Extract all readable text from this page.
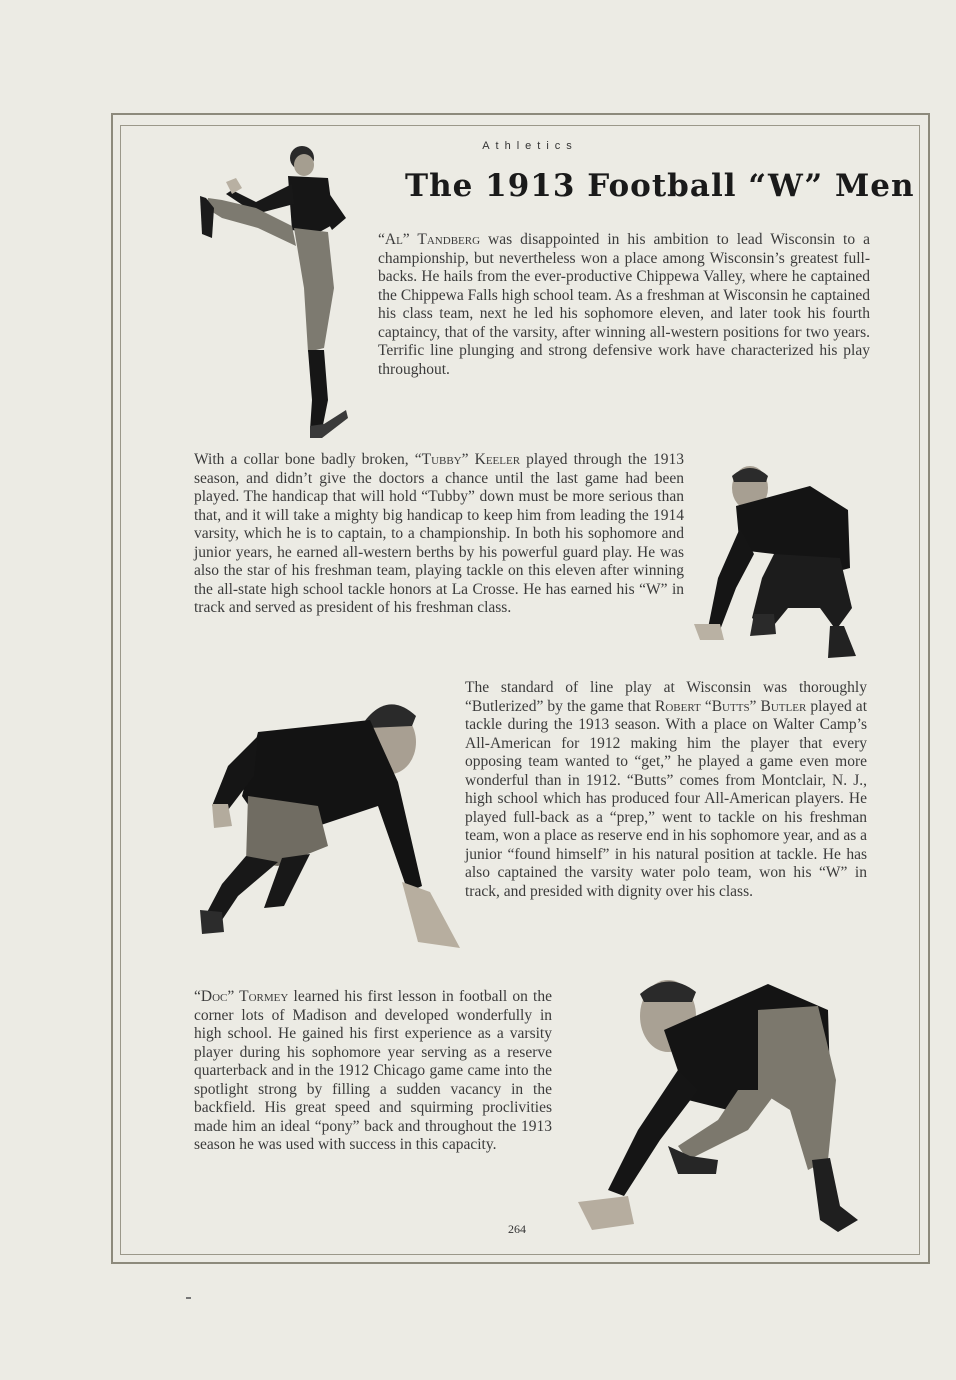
Athletics
The 1913 Football “W” Men
“Al” Tandberg was disappointed in his ambition to lead Wisconsin to a championship, but nevertheless won a place among Wisconsin’s greatest full-backs. He hails from the ever-productive Chippewa Valley, where he captained the Chippewa Falls high school team. As a freshman at Wisconsin he captained his class team, next he led his sophomore eleven, and later took his fourth captaincy, that of the varsity, after winning all-western positions for two years. Terrific line plunging and strong defensive work have characterized his play throughout.
With a collar bone badly broken, “Tubby” Keeler played through the 1913 season, and didn’t give the doctors a chance until the last game had been played. The handicap that will hold “Tubby” down must be more serious than that, and it will take a mighty big handicap to keep him from leading the 1914 varsity, which he is to captain, to a championship. In both his sophomore and junior years, he earned all-western berths by his powerful guard play. He was also the star of his freshman team, playing tackle on this eleven after winning the all-state high school tackle honors at La Crosse. He has earned his “W” in track and served as president of his freshman class.
The standard of line play at Wisconsin was thoroughly “Butlerized” by the game that Robert “Butts” Butler played at tackle during the 1913 season. With a place on Walter Camp’s All-American for 1912 making him the player that every opposing team wanted to “get,” he played a game even more wonderful than in 1912. “Butts” comes from Montclair, N. J., high school which has produced four All-American players. He played full-back as a “prep,” went to tackle on his freshman team, won a place as reserve end in his sophomore year, and as a junior “found himself” in his natural position at tackle. He has also captained the varsity water polo team, won his “W” in track, and presided with dignity over his class.
“Doc” Tormey learned his first lesson in football on the corner lots of Madison and developed wonderfully in high school. He gained his first experience as a varsity player during his sophomore year serving as a reserve quarterback and in the 1912 Chicago game came into the spotlight strong by filling a sudden vacancy in the backfield. His great speed and squirming proclivities made him an ideal “pony” back and throughout the 1913 season he was used with success in this capacity.
264
